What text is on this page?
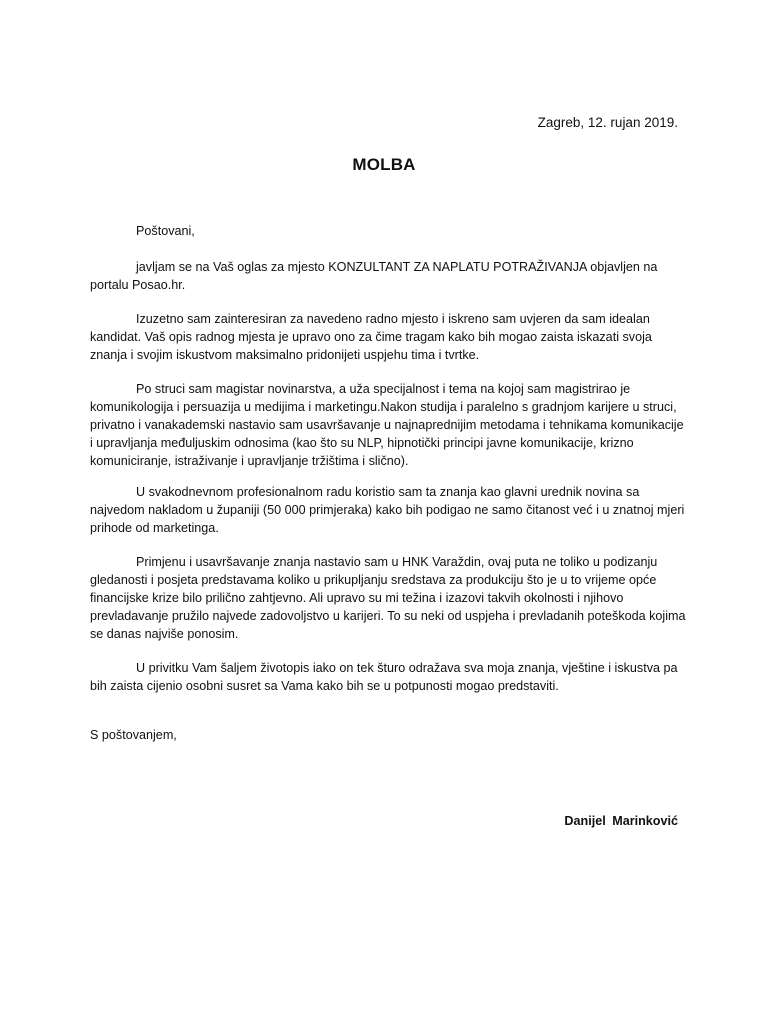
Zagreb, 12. rujan 2019.
MOLBA
Poštovani,
javljam se na Vaš oglas za mjesto KONZULTANT ZA NAPLATU POTRAŽIVANJA objavljen na portalu Posao.hr.
Izuzetno sam zainteresiran za navedeno radno mjesto i iskreno sam uvjeren da sam idealan kandidat. Vaš opis radnog mjesta je upravo ono za čime tragam kako bih mogao zaista iskazati svoja znanja i svojim iskustvom maksimalno pridonijeti uspjehu tima i tvrtke.
Po struci sam magistar novinarstva, a uža specijalnost i tema na kojoj sam magistrirao je komunikologija i persuazija u medijima i marketingu.Nakon studija i paralelno s gradnjom karijere u struci, privatno i vanakademski nastavio sam usavršavanje u najnaprednijim metodama i tehnikama komunikacije i upravljanja međuljuskim odnosima (kao što su NLP, hipnotički principi javne komunikacije, krizno komuniciranje, istraživanje i upravljanje tržištima i slično).
U svakodnevnom profesionalnom radu koristio sam ta znanja kao glavni urednik novina sa najvedom nakladom u županiji (50 000 primjeraka) kako bih podigao ne samo čitanost već i u znatnoj mjeri prihode od marketinga.
Primjenu i usavršavanje znanja nastavio sam u HNK Varaždin, ovaj puta ne toliko u podizanju gledanosti i posjeta predstavama koliko u prikupljanju sredstava za produkciju što je u to vrijeme opće financijske krize bilo prilično zahtjevno. Ali upravo su mi težina i izazovi takvih okolnosti i njihovo prevladavanje pružilo najvede zadovoljstvo u karijeri. To su neki od uspjeha i prevladanih poteškoda kojima se danas najviše ponosim.
U privitku Vam šaljem životopis iako on tek šturo odražava sva moja znanja, vještine i iskustva pa bih zaista cijenio osobni susret sa Vama kako bih se u potpunosti mogao predstaviti.
S poštovanjem,
Danijel Marinković
